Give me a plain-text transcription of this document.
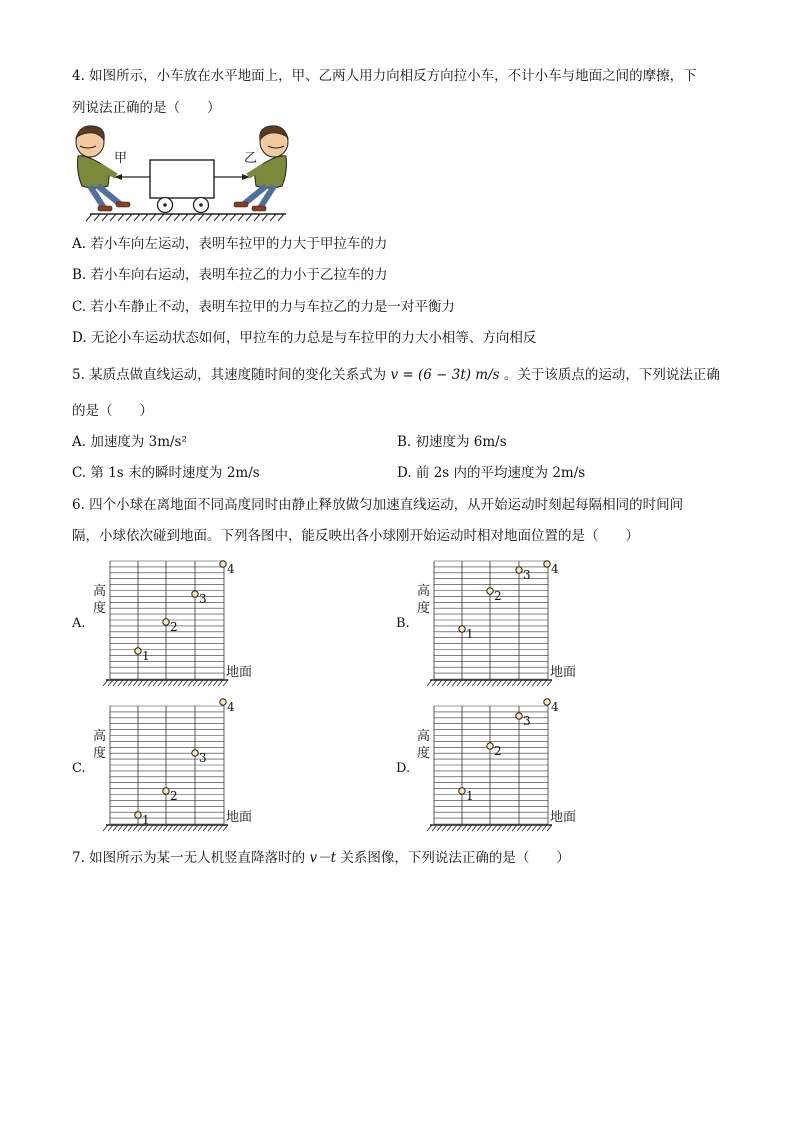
4. 如图所示，小车放在水平地面上，甲、乙两人用力向相反方向拉小车，不计小车与地面之间的摩擦，下
列说法正确的是（　　）
甲	乙
A. 若小车向左运动，表明车拉甲的力大于甲拉车的力
B. 若小车向右运动，表明车拉乙的力小于乙拉车的力
C. 若小车静止不动，表明车拉甲的力与车拉乙的力是一对平衡力
D. 无论小车运动状态如何，甲拉车的力总是与车拉甲的力大小相等、方向相反
5. 某质点做直线运动，其速度随时间的变化关系式为 v = (6 − 3t) m/s 。关于该质点的运动，下列说法正确
的是（　　）
A. 加速度为 3m/s²	B. 初速度为 6m/s
C. 第 1s 末的瞬时速度为 2m/s	D. 前 2s 内的平均速度为 2m/s
6. 四个小球在离地面不同高度同时由静止释放做匀加速直线运动，从开始运动时刻起每隔相同的时间间
隔，小球依次碰到地面。下列各图中，能反映出各小球刚开始运动时相对地面位置的是（　　）
A.
高
度
地面
1
2
3
4
B.
高
度
地面
1
2
3 4
C.
高
度
地面
1
2
3
4
D.
高
度
地面
1
2
3
4
7. 如图所示为某一无人机竖直降落时的 v－t 关系图像，下列说法正确的是（　　）
